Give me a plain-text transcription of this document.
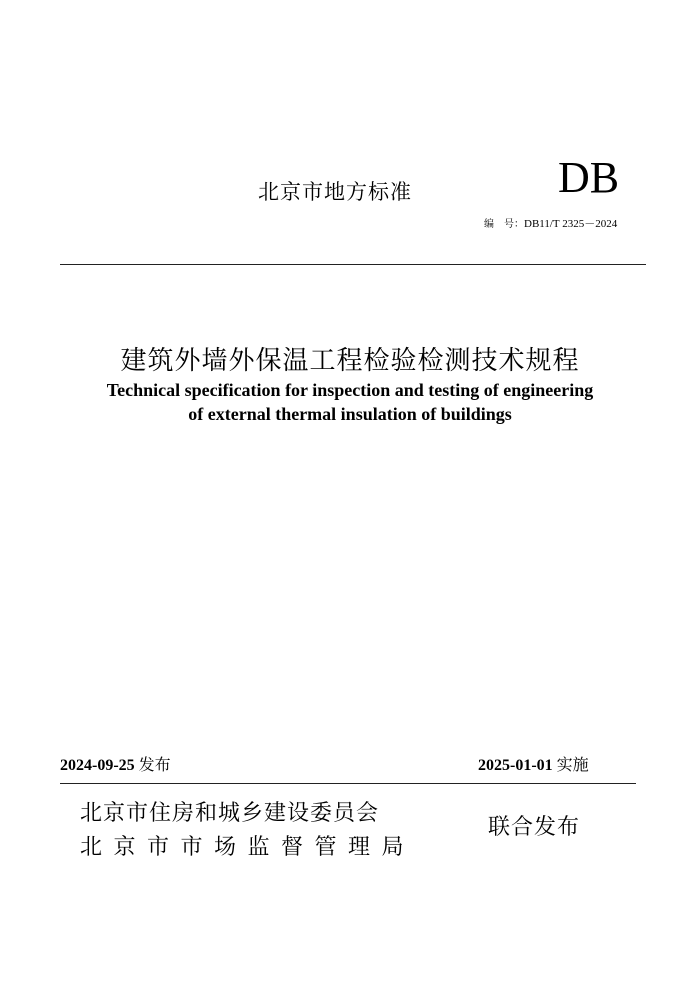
北京市地方标准	DB
编　号：DB11/T 2325－2024
建筑外墙外保温工程检验检测技术规程
Technical specification for inspection and testing of engineering
of external thermal insulation of buildings
2024-09-25 发布	2025-01-01 实施
北京市住房和城乡建设委员会
北京市市场监督管理局
联合发布
